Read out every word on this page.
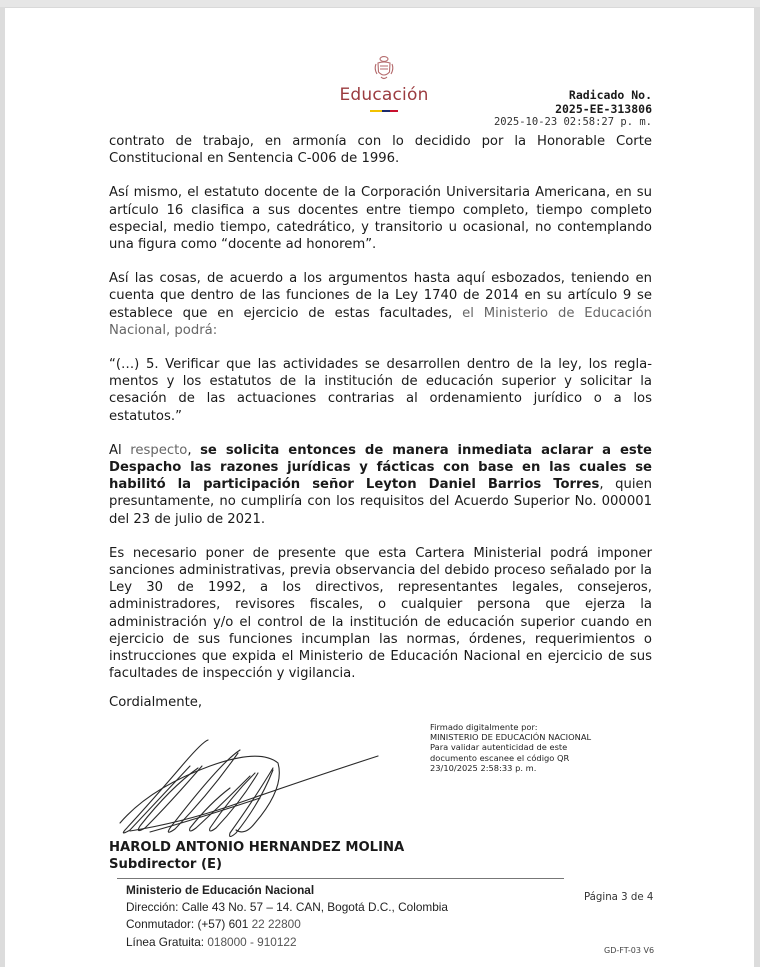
Educación	Radicado No.
2025-EE-313806
2025-10-23 02:58:27 p. m.

contrato de trabajo, en armonía con lo decidido por la Honorable Corte Constitucional en Sentencia C-006 de 1996.

Así mismo, el estatuto docente de la Corporación Universitaria Americana, en su artículo 16 clasifica a sus docentes entre tiempo completo, tiempo completo especial, medio tiempo, catedrático, y transitorio u ocasional, no contemplando una figura como “docente ad honorem”.

Así las cosas, de acuerdo a los argumentos hasta aquí esbozados, teniendo en cuenta que dentro de las funciones de la Ley 1740 de 2014 en su artículo 9 se establece que en ejercicio de estas facultades, el Ministerio de Educación Nacional, podrá:

“(…) 5. Verificar que las actividades se desarrollen dentro de la ley, los regla-mentos y los estatutos de la institución de educación superior y solicitar la cesación de las actuaciones contrarias al ordenamiento jurídico o a los estatutos.”

Al respecto, se solicita entonces de manera inmediata aclarar a este Despacho las razones jurídicas y fácticas con base en las cuales se habilitó la participación señor Leyton Daniel Barrios Torres, quien presuntamente, no cumpliría con los requisitos del Acuerdo Superior No. 000001 del 23 de julio de 2021.

Es necesario poner de presente que esta Cartera Ministerial podrá imponer sanciones administrativas, previa observancia del debido proceso señalado por la Ley 30 de 1992, a los directivos, representantes legales, consejeros, administradores, revisores fiscales, o cualquier persona que ejerza la administración y/o el control de la institución de educación superior cuando en ejercicio de sus funciones incumplan las normas, órdenes, requerimientos o instrucciones que expida el Ministerio de Educación Nacional en ejercicio de sus facultades de inspección y vigilancia.

Cordialmente,
Firmado digitalmente por:
MINISTERIO DE EDUCACIÓN NACIONAL
Para validar autenticidad de este
documento escanee el código QR
23/10/2025 2:58:33 p. m.
HAROLD ANTONIO HERNANDEZ MOLINA
Subdirector (E)
Ministerio de Educación Nacional
Dirección: Calle 43 No. 57 – 14. CAN, Bogotá D.C., Colombia
Conmutador: (+57) 601 22 22800
Línea Gratuita: 018000 - 910122
Página 3 de 4
GD-FT-03 V6
